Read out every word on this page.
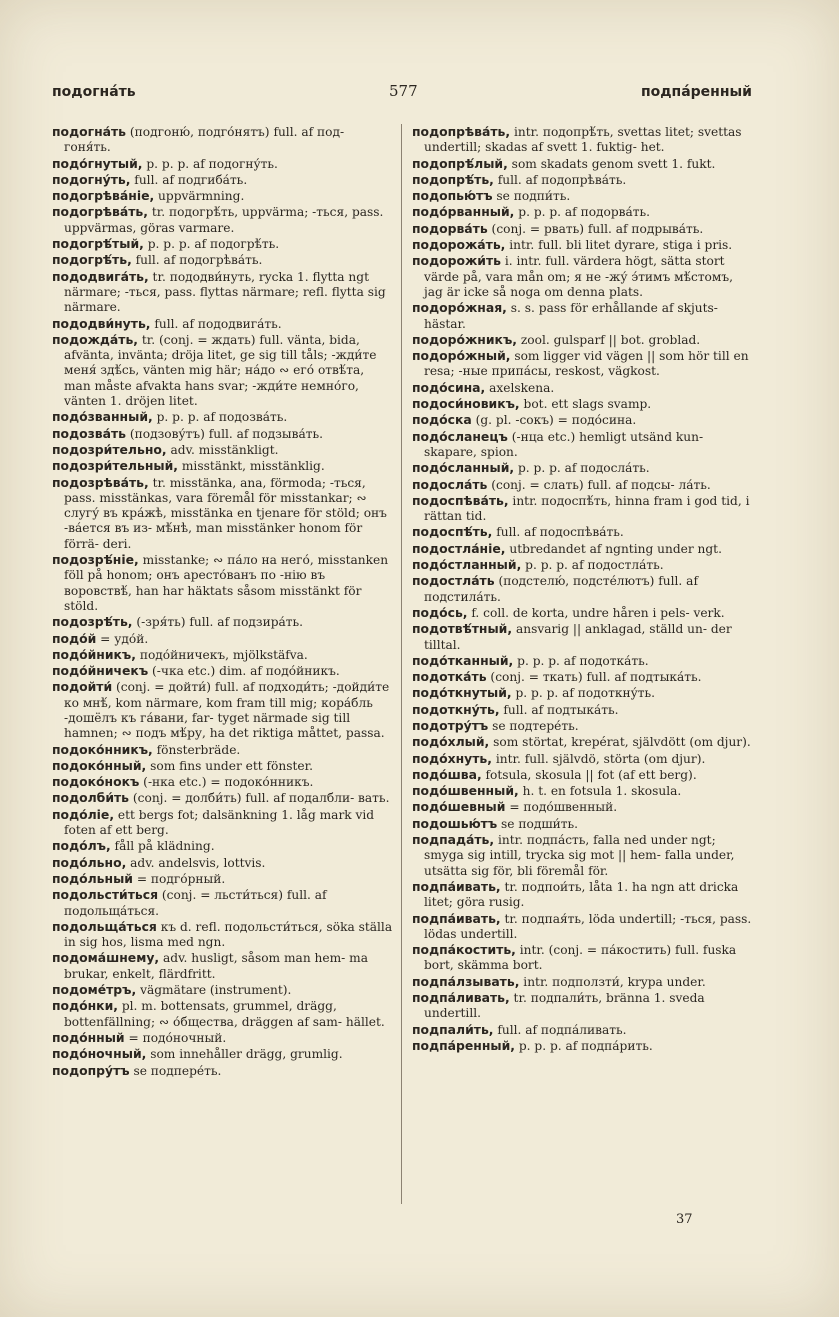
подогна́ть	577	подпа́ренный

подогна́ть (подгоню́, подго́нятъ) full. af под- гоня́ть.

подо́гнутый, p. p. p. af подогну́ть.

подогну́ть, full. af подгиба́ть.

подогрѣва́ніе, uppvärmning.

подогрѣва́ть, tr. подогрѣ́ть, uppvärma; -ться, pass. uppvärmas, göras varmare.

подогрѣ́тый, p. p. p. af подогрѣ́ть.

подогрѣ́ть, full. af подогрѣва́ть.

пододвига́ть, tr. пододви́нуть, rycka 1. flytta ngt närmare; -ться, pass. flyttas närmare; refl. flytta sig närmare.

пододви́нуть, full. af пододвига́ть.

подожда́ть, tr. (conj. = ждать) full. vänta, bida, afvänta, invänta; dröja litet, ge sig till tåls; -жди́те меня́ здѣ́сь, vänten mig här; на́до ∾ его́ отвѣ́та, man måste afvakta hans svar; -жди́те немно́го, vänten 1. dröjen litet.

подо́званный, p. p. p. af подозва́ть.

подозва́ть (подзову́тъ) full. af подзыва́ть.

подозри́тельно, adv. misstänkligt.

подозри́тельный, misstänkt, misstänklig.

подозрѣва́ть, tr. misstänka, ana, förmoda; -ться, pass. misstänkas, vara föremål för misstankar; ∾ слугу́ въ кра́жѣ, misstänka en tjenare för stöld; онъ -ва́ется въ из- мѣ́нѣ, man misstänker honom för förrä- deri.

подозрѣ́ніе, misstanke; ∾ па́ло на него́, misstanken föll på honom; онъ аресто́ванъ по -нію въ воровствѣ́, han har häktats såsom misstänkt för stöld.

подозрѣ́ть, (-зря́ть) full. af подзира́ть.

подо́й = удо́й.

подо́йникъ, подо́йничекъ, mjölkstäfva.

подо́йничекъ (-чка etc.) dim. af подо́йникъ.

подойти́ (conj. = дойти́) full. af подходи́ть; -дойди́те ко мнѣ́, kom närmare, kom fram till mig; кора́бль -дошёлъ къ га́вани, far- tyget närmade sig till hamnen; ∾ подъ мѣ́ру, ha det riktiga måttet, passa.

подоко́нникъ, fönsterbräde.

подоко́нный, som fins under ett fönster.

подоко́нокъ (-нка etc.) = подоко́нникъ.

подолби́ть (conj. = долби́ть) full. af подалбли- вать.

подо́ліе, ett bergs fot; dalsänkning 1. låg mark vid foten af ett berg.

подо́лъ, fåll på klädning.

подо́льно, adv. andelsvis, lottvis.

подо́льный = подго́рный.

подольсти́ться (conj. = льсти́ться) full. af подольща́ться.

подольща́ться къ d. refl. подольсти́ться, söka ställa in sig hos, lisma med ngn.

подома́шнему, adv. husligt, såsom man hem- ma brukar, enkelt, flärdfritt.

подоме́тръ, vägmätare (instrument).

подо́нки, pl. m. bottensats, grummel, drägg, bottenfällning; ∾ о́бщества, dräggen af sam- hället.

подо́нный = подо́ночный.

подо́ночный, som innehåller drägg, grumlig.

подопру́тъ se подпере́ть.

подопрѣва́ть, intr. подопрѣ́ть, svettas litet; svettas undertill; skadas af svett 1. fuktig- het.

подопрѣ́лый, som skadats genom svett 1. fukt.

подопрѣ́ть, full. af подопрѣва́ть.

подопью́тъ se подпи́ть.

подо́рванный, p. p. p. af подорва́ть.

подорва́ть (conj. = рвать) full. af подрыва́ть.

подорожа́ть, intr. full. bli litet dyrare, stiga i pris.

подорожи́ть i. intr. full. värdera högt, sätta stort värde på, vara mån om; я не -жу́ э́тимъ мѣ́стомъ, jag är icke så noga om denna plats.

подоро́жная, s. s. pass för erhållande af skjuts- hästar.

подоро́жникъ, zool. gulsparf || bot. groblad.

подоро́жный, som ligger vid vägen || som hör till en resa; -ные припа́сы, reskost, vägkost.

подо́сина, axelskena.

подоси́новикъ, bot. ett slags svamp.

подо́ска (g. pl. -сокъ) = подо́сина.

подо́сланецъ (-нца etc.) hemligt utsänd kun- skapare, spion.

подо́сланный, p. p. p. af подосла́ть.

подосла́ть (conj. = слать) full. af подсы- ла́ть.

подоспѣва́ть, intr. подоспѣ́ть, hinna fram i god tid, i rättan tid.

подоспѣ́ть, full. af подоспѣва́ть.

подостла́ніе, utbredandet af ngnting under ngt.

подо́стланный, p. p. p. af подостла́ть.

подостла́ть (подстелю́, подсте́лютъ) full. af подстила́ть.

подо́сь, f. coll. de korta, undre håren i pels- verk.

подотвѣ́тный, ansvarig || anklagad, ställd un- der tilltal.

подо́тканный, p. p. p. af подотка́ть.

подотка́ть (conj. = ткать) full. af подтыка́ть.

подо́ткнутый, p. p. p. af подоткну́ть.

подоткну́ть, full. af подтыка́ть.

подотру́тъ se подтере́ть.

подо́хлый, som störtat, krepérat, självdött (om djur).

подо́хнуть, intr. full. självdö, störta (om djur).

подо́шва, fotsula, skosula || fot (af ett berg).

подо́швенный, h. t. en fotsula 1. skosula.

подо́шевный = подо́швенный.

подошью́тъ se подши́ть.

подпада́ть, intr. подпа́сть, falla ned under ngt; smyga sig intill, trycka sig mot || hem- falla under, utsätta sig för, bli föremål för.

подпа́ивать, tr. подпои́ть, låta 1. ha ngn att dricka litet; göra rusig.

подпа́ивать, tr. подпая́ть, löda undertill; -ться, pass. lödas undertill.

подпа́костить, intr. (conj. = па́костить) full. fuska bort, skämma bort.

подпа́лзывать, intr. подползти́, krypa under.

подпа́ливать, tr. подпали́ть, bränna 1. sveda undertill.

подпали́ть, full. af подпа́ливать.

подпа́ренный, p. p. p. af подпа́рить.

37
